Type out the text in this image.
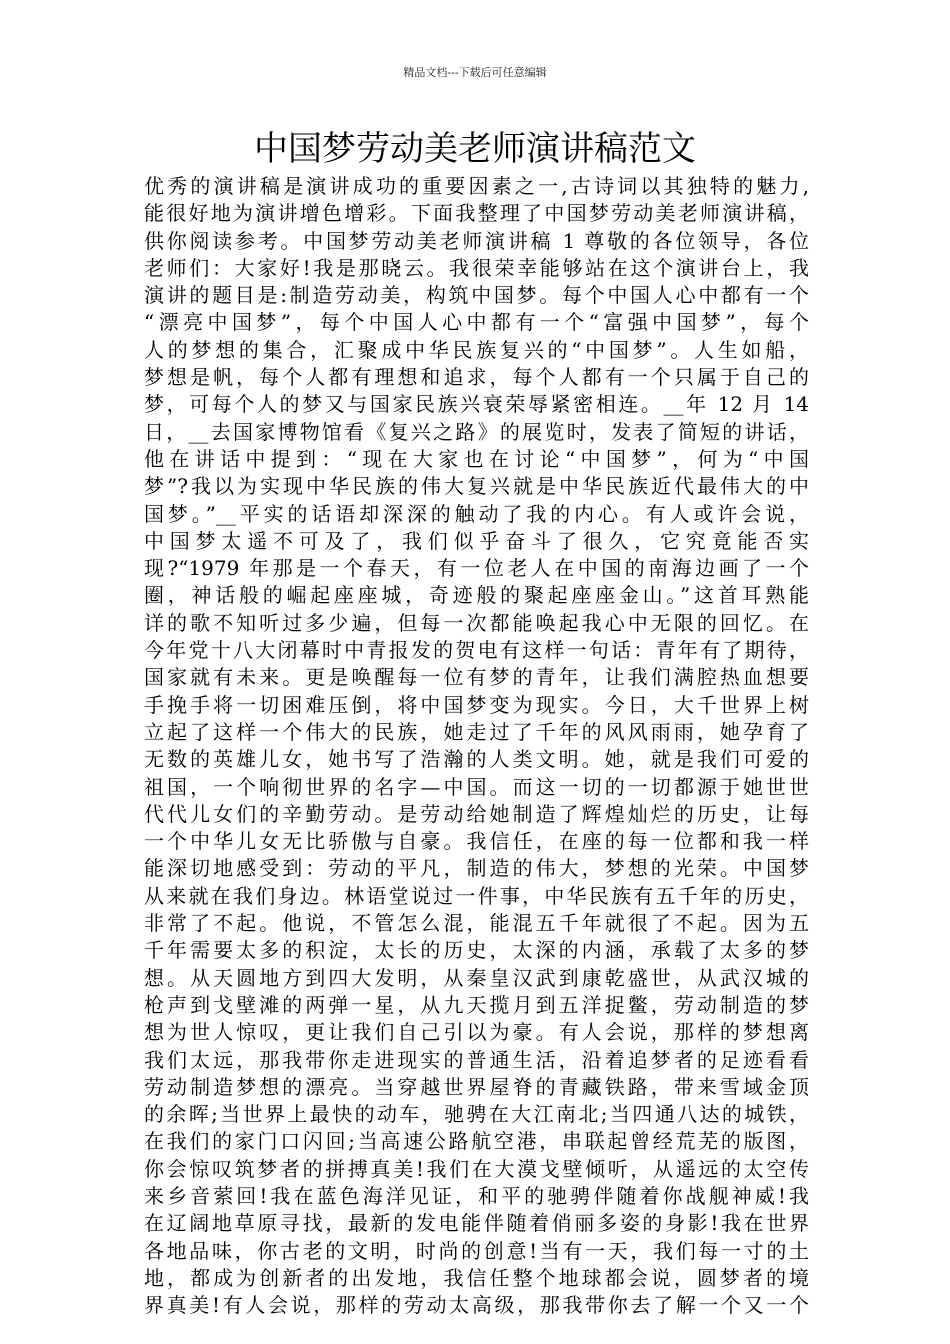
精品文档---下载后可任意编辑
中国梦劳动美老师演讲稿范文
优秀的演讲稿是演讲成功的重要因素之一,古诗词以其独特的魅力,
能很好地为演讲增色增彩。下面我整理了中国梦劳动美老师演讲稿，
供你阅读参考。中国梦劳动美老师演讲稿 1 尊敬的各位领导，各位
老师们：大家好!我是那晓云。我很荣幸能够站在这个演讲台上，我
演讲的题目是:制造劳动美，构筑中国梦。每个中国人心中都有一个
“漂亮中国梦”，每个中国人心中都有一个“富强中国梦”，每个
人的梦想的集合，汇聚成中华民族复兴的“中国梦”。人生如船，
梦想是帆，每个人都有理想和追求，每个人都有一个只属于自己的
梦，可每个人的梦又与国家民族兴衰荣辱紧密相连。__年 12 月 14
日，__去国家博物馆看《复兴之路》的展览时，发表了简短的讲话，
他在讲话中提到：“现在大家也在讨论“中国梦”，何为“中国
梦”?我以为实现中华民族的伟大复兴就是中华民族近代最伟大的中
国梦。”__平实的话语却深深的触动了我的内心。有人或许会说，
中国梦太遥不可及了，我们似乎奋斗了很久，它究竟能否实
现?“1979 年那是一个春天，有一位老人在中国的南海边画了一个
圈，神话般的崛起座座城，奇迹般的聚起座座金山。”这首耳熟能
详的歌不知听过多少遍，但每一次都能唤起我心中无限的回忆。在
今年党十八大闭幕时中青报发的贺电有这样一句话：青年有了期待，
国家就有未来。更是唤醒每一位有梦的青年，让我们满腔热血想要
手挽手将一切困难压倒，将中国梦变为现实。今日，大千世界上树
立起了这样一个伟大的民族，她走过了千年的风风雨雨，她孕育了
无数的英雄儿女，她书写了浩瀚的人类文明。她，就是我们可爱的
祖国，一个响彻世界的名字—中国。而这一切的一切都源于她世世
代代儿女们的辛勤劳动。是劳动给她制造了辉煌灿烂的历史，让每
一个中华儿女无比骄傲与自豪。我信任，在座的每一位都和我一样
能深切地感受到：劳动的平凡，制造的伟大，梦想的光荣。中国梦
从来就在我们身边。林语堂说过一件事，中华民族有五千年的历史，
非常了不起。他说，不管怎么混，能混五千年就很了不起。因为五
千年需要太多的积淀，太长的历史，太深的内涵，承载了太多的梦
想。从天圆地方到四大发明，从秦皇汉武到康乾盛世，从武汉城的
枪声到戈壁滩的两弹一星，从九天揽月到五洋捉鳖，劳动制造的梦
想为世人惊叹，更让我们自己引以为豪。有人会说，那样的梦想离
我们太远，那我带你走进现实的普通生活，沿着追梦者的足迹看看
劳动制造梦想的漂亮。当穿越世界屋脊的青藏铁路，带来雪域金顶
的余晖;当世界上最快的动车，驰骋在大江南北;当四通八达的城铁，
在我们的家门口闪回;当高速公路航空港，串联起曾经荒芜的版图，
你会惊叹筑梦者的拼搏真美!我们在大漠戈壁倾听，从遥远的太空传
来乡音萦回!我在蓝色海洋见证，和平的驰骋伴随着你战舰神威!我
在辽阔地草原寻找，最新的发电能伴随着俏丽多姿的身影!我在世界
各地品味，你古老的文明，时尚的创意!当有一天，我们每一寸的土
地，都成为创新者的出发地，我信任整个地球都会说，圆梦者的境
界真美!有人会说，那样的劳动太高级，那我带你去了解一个又一个
